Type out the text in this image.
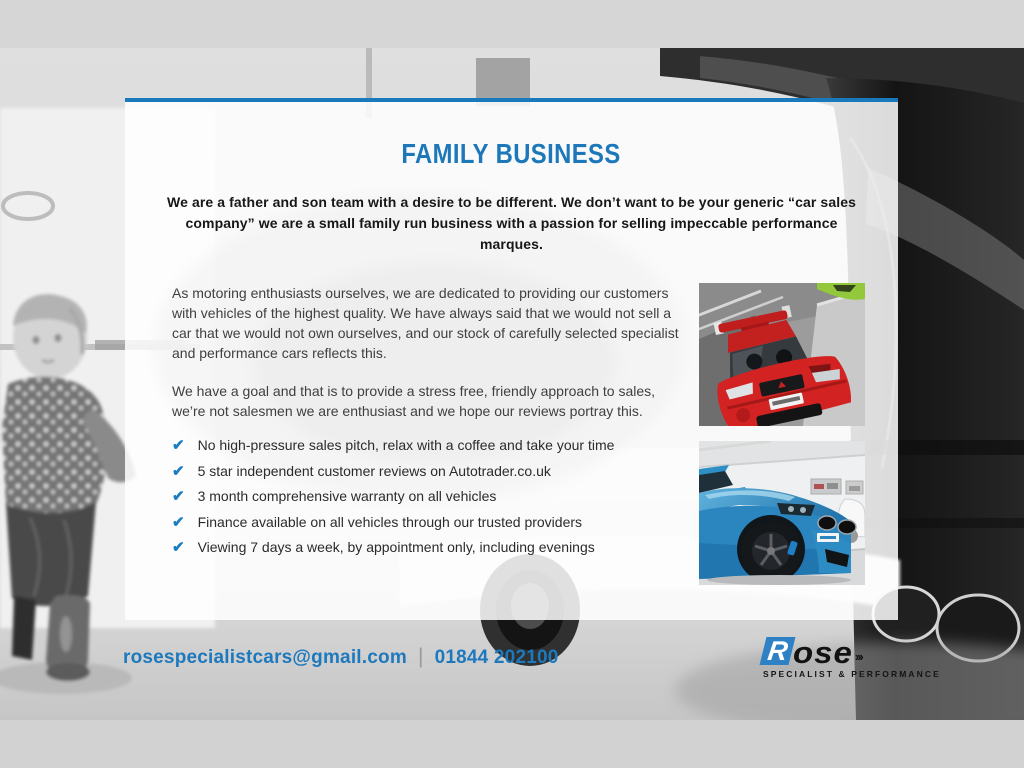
FAMILY BUSINESS

We are a father and son team with a desire to be different. We don’t want to be your generic “car sales company” we are a small family run business with a passion for selling impeccable performance marques.

As motoring enthusiasts ourselves, we are dedicated to providing our customers with vehicles of the highest quality. We have always said that we would not sell a car that we would not own ourselves, and our stock of carefully selected specialist and performance cars reflects this.

We have a goal and that is to provide a stress free, friendly approach to sales, we’re not salesmen we are enthusiast and we hope our reviews portray this.

✔ No high-pressure sales pitch, relax with a coffee and take your time
✔ 5 star independent customer reviews on Autotrader.co.uk
✔ 3 month comprehensive warranty on all vehicles
✔ Finance available on all vehicles through our trusted providers
✔ Viewing 7 days a week, by appointment only, including evenings
rosespecialistcars@gmail.com | 01844 202100	R ose ›››
SPECIALIST & PERFORMANCE
